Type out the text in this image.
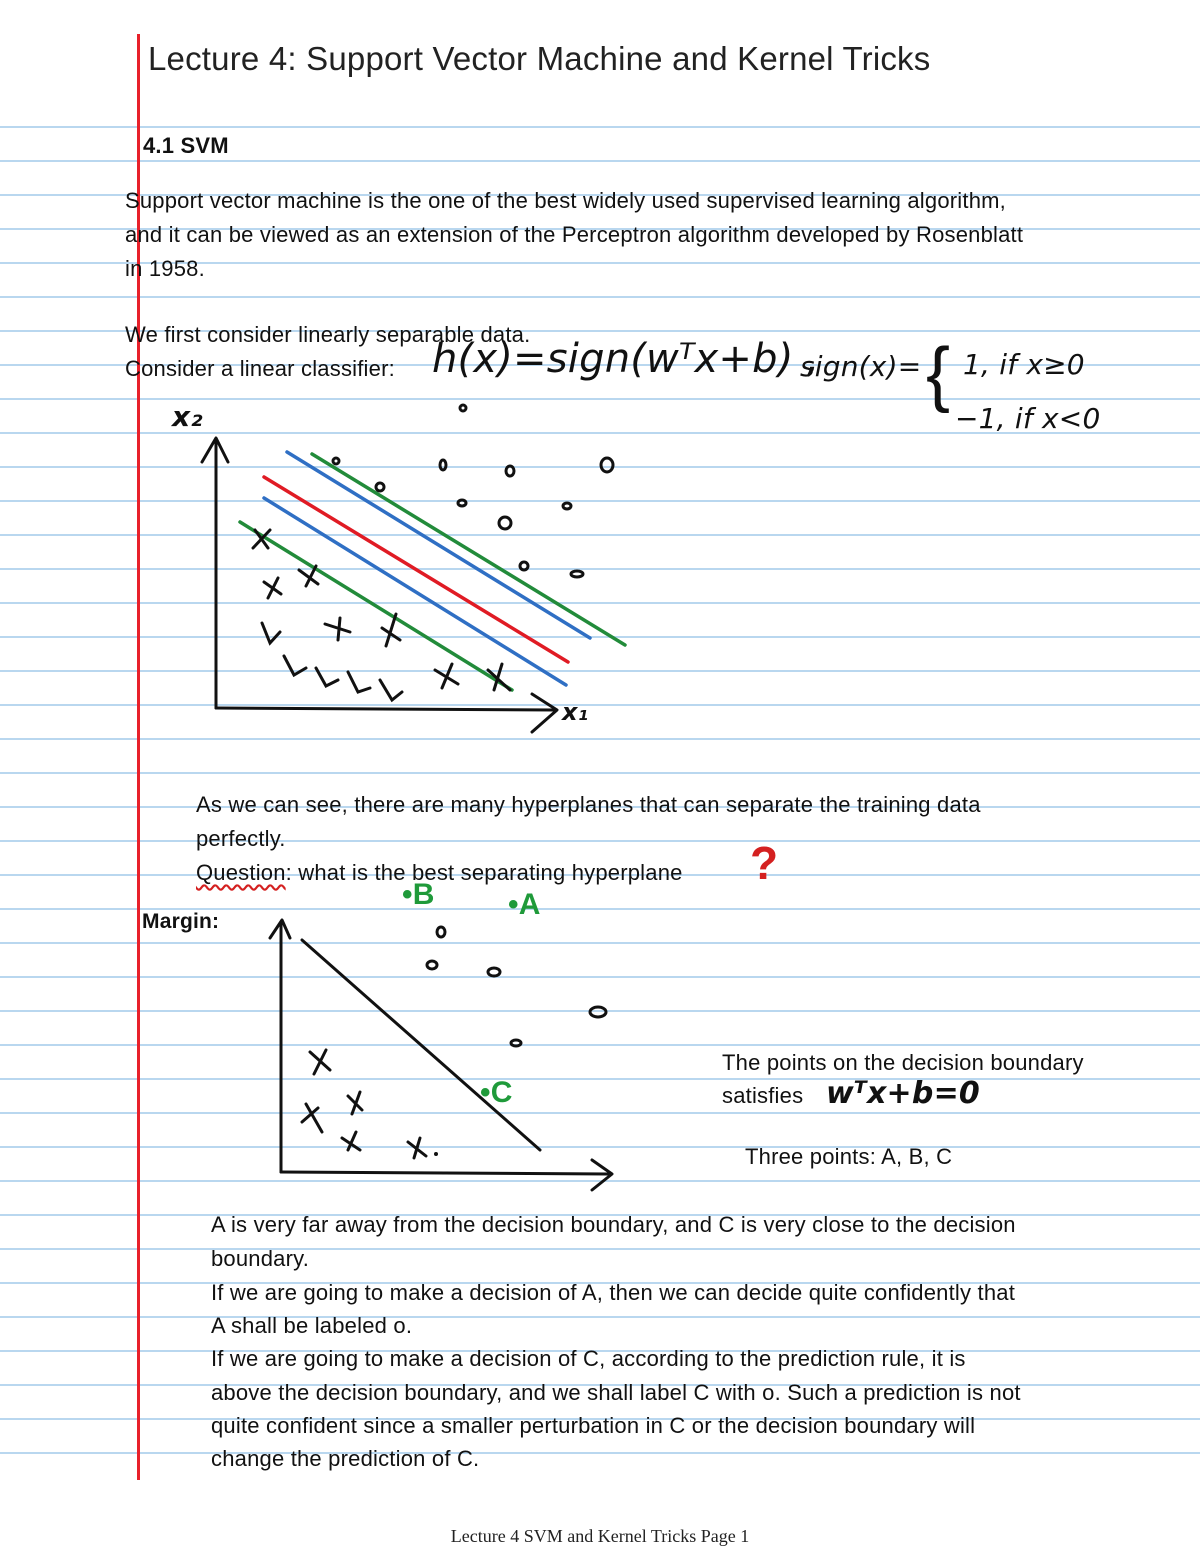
Lecture 4: Support Vector Machine and Kernel Tricks
4.1 SVM
Support vector machine is the one of the best widely used supervised learning algorithm,
and it can be viewed as an extension of the Perceptron algorithm developed by Rosenblatt
in 1958.
We first consider linearly separable data.
Consider a linear classifier: h(x)=sign(wᵀx+b) ,
sign(x)= { 1, if x≥0
−1, if x<0
x₂
x₁
As we can see, there are many hyperplanes that can separate the training data
perfectly.
Question: what is the best separating hyperplane ?
Margin:
•B •A
•C
The points on the decision boundary
satisfies wᵀx+b=0
Three points: A, B, C
A is very far away from the decision boundary, and C is very close to the decision
boundary.
If we are going to make a decision of A, then we can decide quite confidently that
A shall be labeled o.
If we are going to make a decision of C, according to the prediction rule, it is
above the decision boundary, and we shall label C with o. Such a prediction is not
quite confident since a smaller perturbation in C or the decision boundary will
change the prediction of C.
Lecture 4 SVM and Kernel Tricks Page 1
